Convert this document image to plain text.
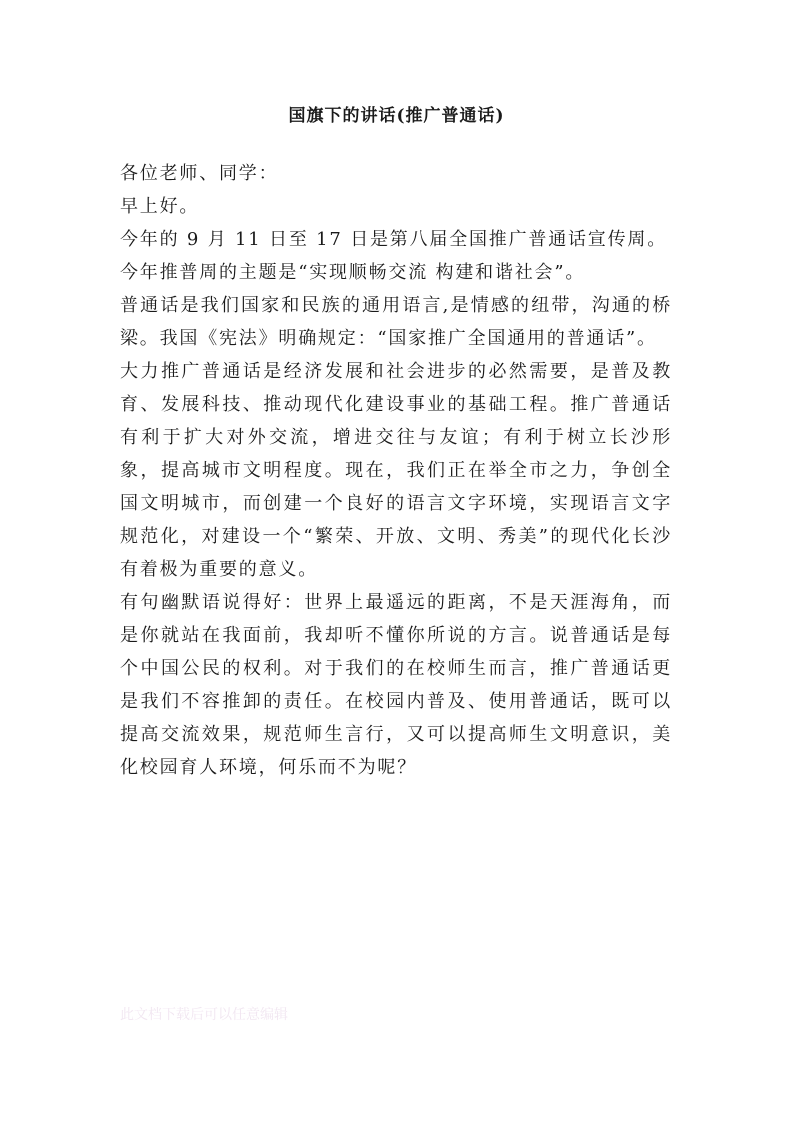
国旗下的讲话(推广普通话)

各位老师、同学：

早上好。

今年的 9 月 11 日至 17 日是第八届全国推广普通话宣传周。

今年推普周的主题是“实现顺畅交流 构建和谐社会”。

普通话是我们国家和民族的通用语言,是情感的纽带，沟通的桥梁。我国《宪法》明确规定：“国家推广全国通用的普通话”。

大力推广普通话是经济发展和社会进步的必然需要，是普及教育、发展科技、推动现代化建设事业的基础工程。推广普通话有利于扩大对外交流，增进交往与友谊；有利于树立长沙形象，提高城市文明程度。现在，我们正在举全市之力，争创全国文明城市，而创建一个良好的语言文字环境，实现语言文字规范化，对建设一个“繁荣、开放、文明、秀美”的现代化长沙有着极为重要的意义。

有句幽默语说得好：世界上最遥远的距离，不是天涯海角，而是你就站在我面前，我却听不懂你所说的方言。说普通话是每个中国公民的权利。对于我们的在校师生而言，推广普通话更是我们不容推卸的责任。在校园内普及、使用普通话，既可以提高交流效果，规范师生言行，又可以提高师生文明意识，美化校园育人环境，何乐而不为呢？

此文档下载后可以任意编辑
